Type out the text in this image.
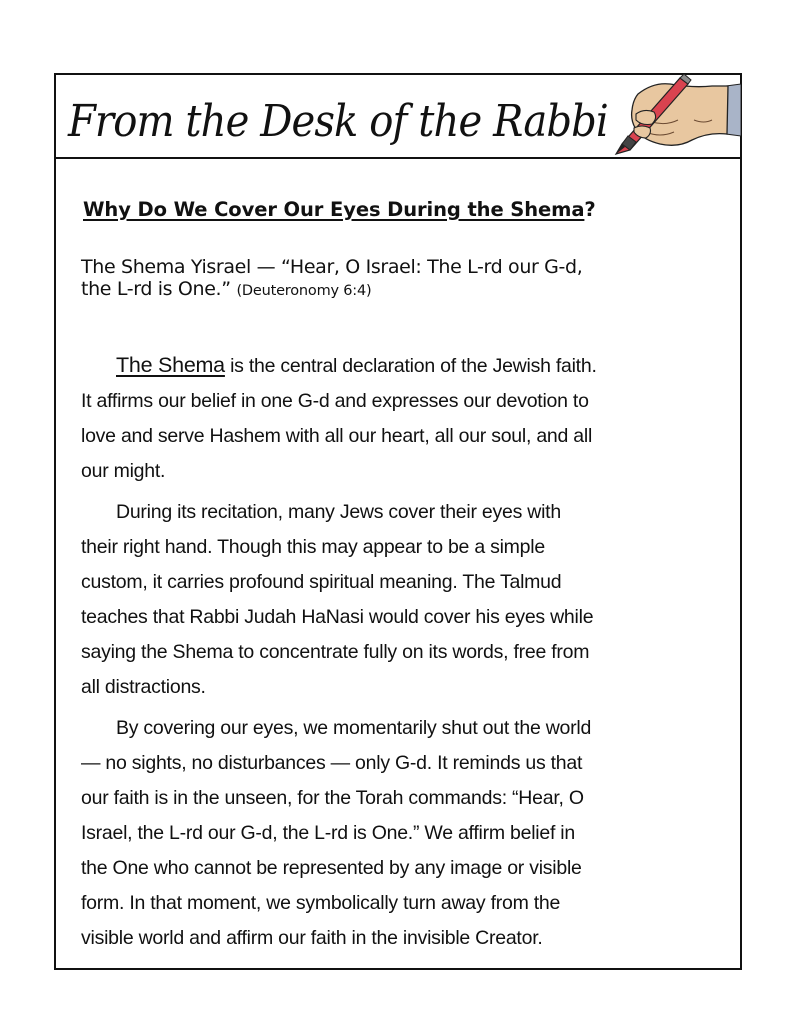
From the Desk of the Rabbi
Why Do We Cover Our Eyes During the Shema?
The Shema Yisrael — “Hear, O Israel: The L-rd our G-d,
the L-rd is One.” (Deuteronomy 6:4)

The Shema is the central declaration of the Jewish faith.
It affirms our belief in one G-d and expresses our devotion to
love and serve Hashem with all our heart, all our soul, and all
our might.

During its recitation, many Jews cover their eyes with
their right hand. Though this may appear to be a simple
custom, it carries profound spiritual meaning. The Talmud
teaches that Rabbi Judah HaNasi would cover his eyes while
saying the Shema to concentrate fully on its words, free from
all distractions.

By covering our eyes, we momentarily shut out the world
— no sights, no disturbances — only G-d. It reminds us that
our faith is in the unseen, for the Torah commands: “Hear, O
Israel, the L-rd our G-d, the L-rd is One.” We affirm belief in
the One who cannot be represented by any image or visible
form. In that moment, we symbolically turn away from the
visible world and affirm our faith in the invisible Creator.
